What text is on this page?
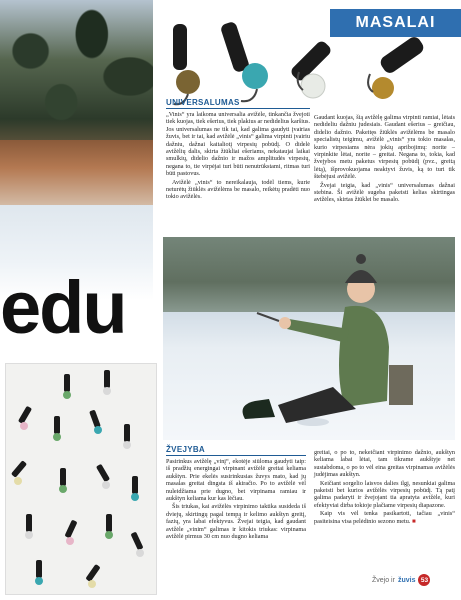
MASALAI
UNIVERSALUMAS

„Vinis“ yra laikoma universalia avižėle, tinkančia žvejoti tiek kuojas, tiek ešerius, tiek plakius ar nedidelius karšius. Jos universalumas ne tik tai, kad galima gaudyti įvairias žuvis, bet ir tai, kad avižėlė „vinis“ galima virpinti įvairiu dažniu, dažnai kaitaliotį virpesių pobūdį. O didelė avižėlių dalis, skirta žiūkliai ešeriams, nekataujai laikai smulkių, didelio dažnio ir mažos amplitudės virpesių, negana to, tie virpėjai turi būti nenutrūkstami, ritmas turi būti pastovus.

Avižėlė „vinis“ to nereikalauja, todėl tiems, kurie neturėtų žiūklės avižėlėms be masalo, reikėtų pradėti nuo tokio avižėlės.

Gaudant kuojas, šią avižėlę galima virpinti ramiai, lėtais nedideliu dažniu judesiais. Gaudant ešerius – greičiau, didelio dažnio. Pakeitęs žiūklės avižėlėms be masalo specialistų teigimu, avižėlė „vinis“ yra tokio masalas, kurio virpesiams nėra jokių apribojimų: norite – virpinkite lėtai, norite – greitai. Negana to, tokia, kad žvejybos metu paketus virpesių pobūdį (pvz., greitą lėtą), išprovokuojama neaktyvi žuvis, ką to turi tik štebėjusi avižėlė.

Žvejai teigia, kad „vinis“ universalumas dažnai stebina. Ši avižėlė sugeba pakeisti kelias skirtingas avižėles, skirtas žiūklei be masalo.

edu
ŽVEJYBA

Pasirinkus avižėlę „vinį“, ekotėje siūloma gaudyti taip: iš pradžių energingai virpinant avižėlė greitai keliama aukštyn. Prie ekelės susirinkusias žuvys mato, kad jų masalas greitai dingsta iš akiračio. Po to avižėlė vėl nuleidžiama prie dugno, bet virpinama ramiau ir aukštyn keliama kur kas lėčiau.

Šis triukas, kai avižėlės virpinimo taktika susideda iš dviejų, skirtingų pagal tempą ir kelimo aukštyn greitį, fazių, yra labai efektyvus. Žvejai teigia, kad gaudant avižėle „vinim“ galimas ir kitokis triukas: virpinama avižėlė pirmus 30 cm nuo dugno keliama

greitai, o po to, nekeičiant virpinimo dažnio, aukštyn keliama labai lėtai, tam tikrame aukštyje net sustabdoma, o po to vėl eina greitas virpinamas avižėlės judėjimas aukštyn.

Keičiant sorgelio laisvos dalies ilgį, nesunkiai galima pakeisti bet kurios avižėlės virpesių pobūdį. Tą patį galima padaryti ir žvejojant tia apratyta avižėle, kuri efektyviai dirba tokioje plačiame virpesių diapazone.

Kaip vis vėl tenka pasikartoti, tačiau „vinis“ pasiteisina visa pelėdinio sezono metu. ■

Žvejo ir žuvis 53
